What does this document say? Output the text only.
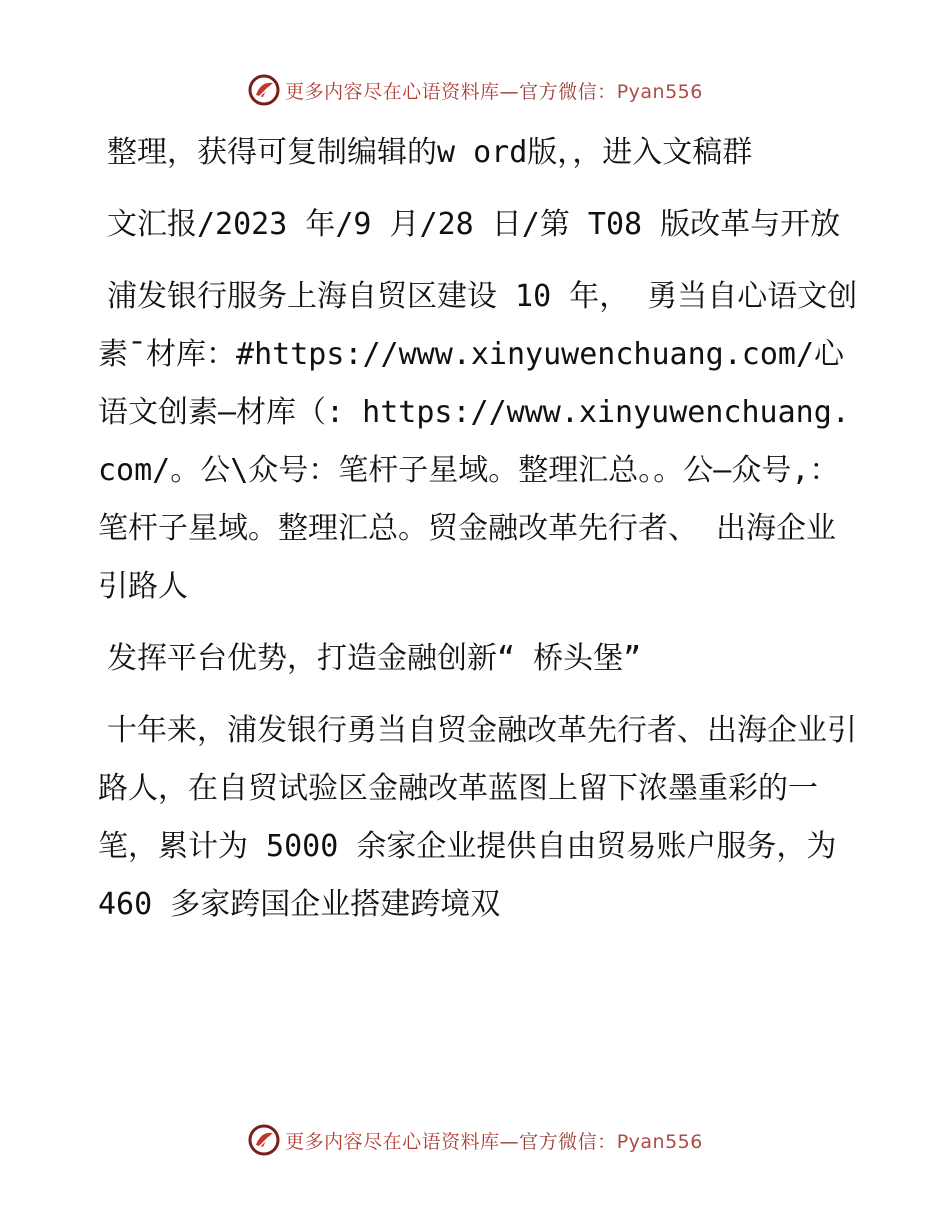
更多内容尽在心语资料库—官方微信：Pyan556

整理，获得可复制编辑的w ord版，，进入文稿群

文汇报/2023 年/9 月/28 日/第 T08 版改革与开放

浦发银行服务上海自贸区建设 10 年， 勇当自心语文创素¯材库：#https://www.xinyuwenchuang.com/心语文创素—材库（: https://www.xinyuwenchuang.com/。公\众号：笔杆子星域。整理汇总。。公—众号,：笔杆子星域。整理汇总。贸金融改革先行者、 出海企业引路人

发挥平台优势，打造金融创新“ 桥头堡”

十年来，浦发银行勇当自贸金融改革先行者、出海企业引路人，在自贸试验区金融改革蓝图上留下浓墨重彩的一笔，累计为 5000 余家企业提供自由贸易账户服务，为 460 多家跨国企业搭建跨境双

更多内容尽在心语资料库—官方微信：Pyan556
